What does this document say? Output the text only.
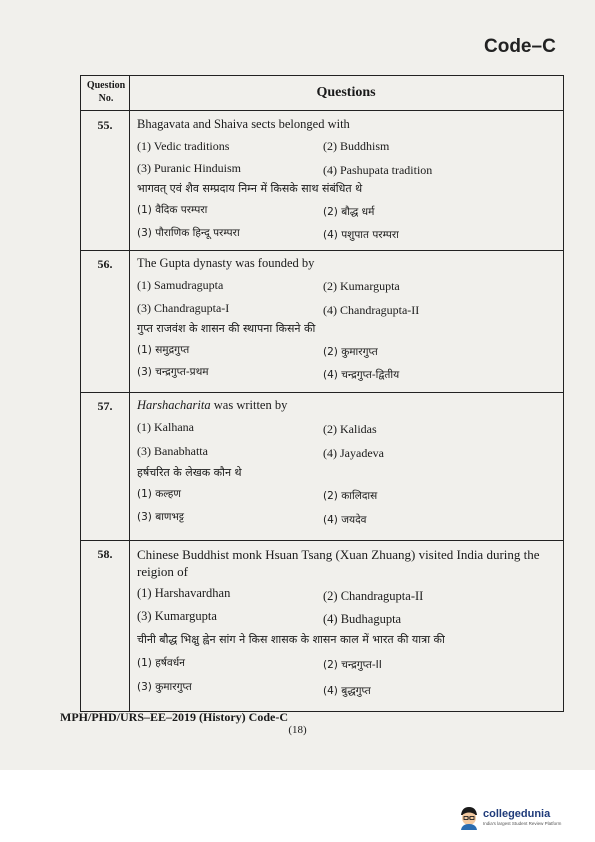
Code–C
Question No.	Questions
55.	Bhagavata and Shaiva sects belonged with
(1) Vedic traditions	(2) Buddhism
(3) Puranic Hinduism	(4) Pashupata tradition
भागवत् एवं शैव सम्प्रदाय निम्न में किसके साथ संबंधित थे
(1) वैदिक परम्परा	(2) बौद्ध धर्म
(3) पौराणिक हिन्दू परम्परा	(4) पशुपात परम्परा
56.	The Gupta dynasty was founded by
(1) Samudragupta	(2) Kumargupta
(3) Chandragupta-I	(4) Chandragupta-II
गुप्त राजवंश के शासन की स्थापना किसने की
(1) समुद्रगुप्त	(2) कुमारगुप्त
(3) चन्द्रगुप्त-प्रथम	(4) चन्द्रगुप्त-द्वितीय
57.	Harshacharita was written by
(1) Kalhana	(2) Kalidas
(3) Banabhatta	(4) Jayadeva
हर्षचरित के लेखक कौन थे
(1) कल्हण	(2) कालिदास
(3) बाणभट्ट	(4) जयदेव
58.	Chinese Buddhist monk Hsuan Tsang (Xuan Zhuang) visited India during the reigion of
(1) Harshavardhan	(2) Chandragupta-II
(3) Kumargupta	(4) Budhagupta
चीनी बौद्ध भिक्षु ह्वेन सांग ने किस शासक के शासन काल में भारत की यात्रा की
(1) हर्षवर्धन	(2) चन्द्रगुप्त-II
(3) कुमारगुप्त	(4) बुद्धगुप्त
MPH/PHD/URS–EE–2019 (History) Code-C
(18)
collegedunia
India's largest Student Review Platform
